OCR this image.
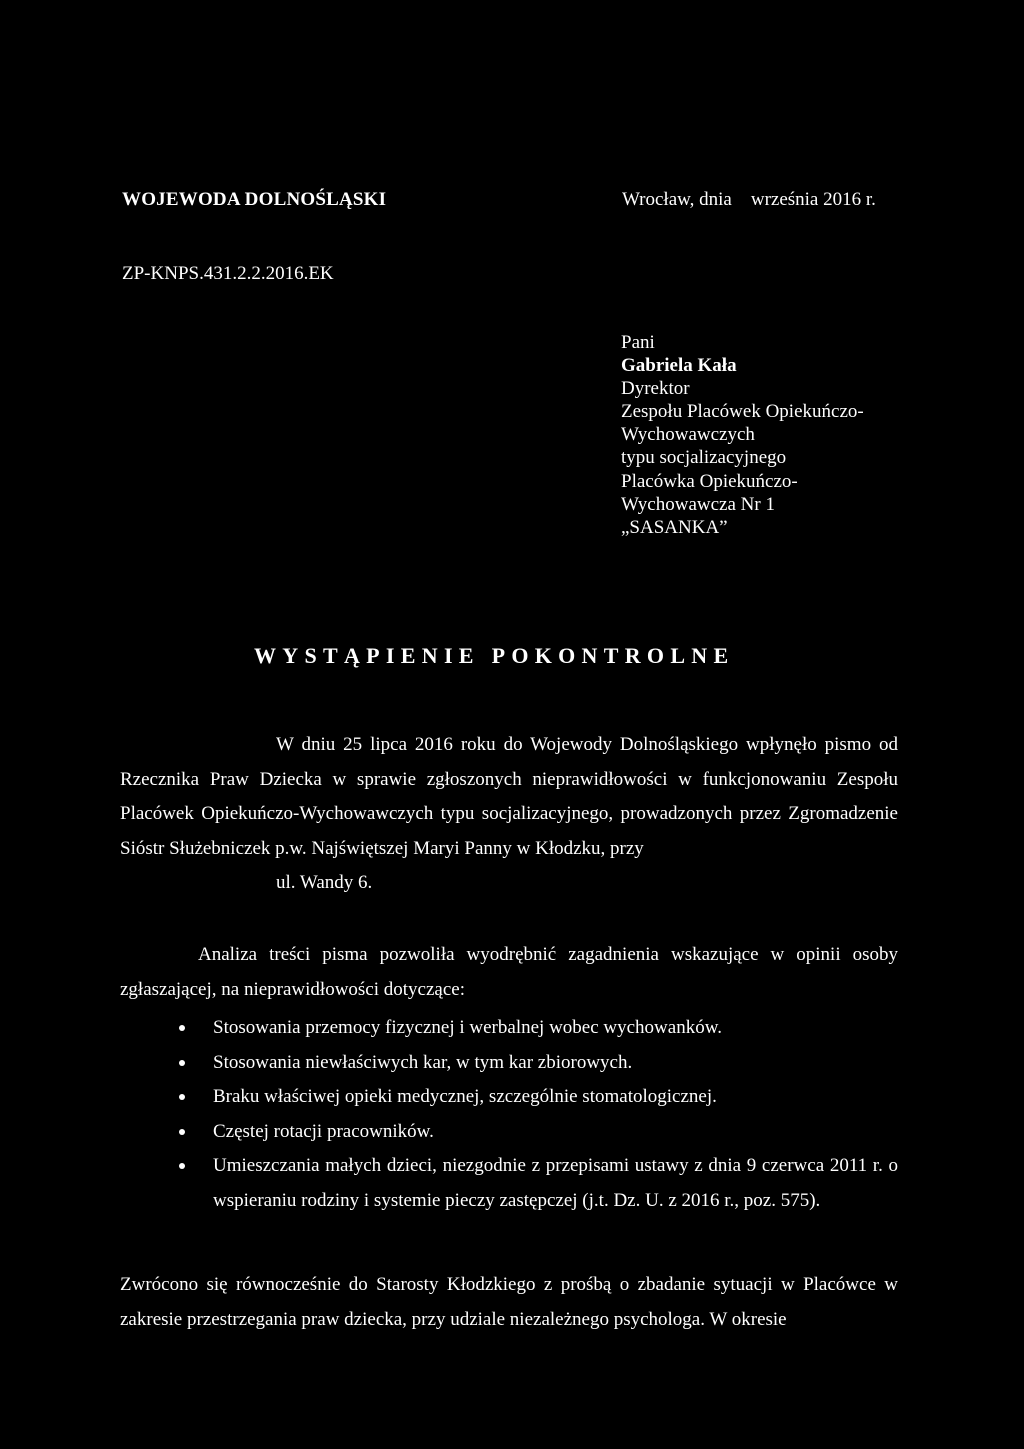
WOJEWODA DOLNOŚLĄSKI	Wrocław, dnia    września 2016 r.
ZP-KNPS.431.2.2.2016.EK
Pani
Gabriela Kała
Dyrektor
Zespołu Placówek Opiekuńczo-
Wychowawczych
typu socjalizacyjnego
Placówka Opiekuńczo-
Wychowawcza Nr 1
„SASANKA”
WYSTĄPIENIE POKONTROLNE
W dniu 25 lipca 2016 roku do Wojewody Dolnośląskiego wpłynęło pismo od Rzecznika Praw Dziecka w sprawie zgłoszonych nieprawidłowości w funkcjonowaniu Zespołu Placówek Opiekuńczo-Wychowawczych typu socjalizacyjnego, prowadzonych przez Zgromadzenie Sióstr Służebniczek p.w. Najświętszej Maryi Panny w Kłodzku, przy
ul. Wandy 6.
Analiza treści pisma pozwoliła wyodrębnić zagadnienia wskazujące w opinii osoby zgłaszającej, na nieprawidłowości dotyczące:
Stosowania przemocy fizycznej i werbalnej wobec wychowanków.
Stosowania niewłaściwych kar, w tym kar zbiorowych.
Braku właściwej opieki medycznej, szczególnie stomatologicznej.
Częstej rotacji pracowników.
Umieszczania małych dzieci, niezgodnie z przepisami ustawy z dnia 9 czerwca 2011 r. o wspieraniu rodziny i systemie pieczy zastępczej (j.t. Dz. U. z 2016 r., poz. 575).
Zwrócono się równocześnie do Starosty Kłodzkiego z prośbą o zbadanie sytuacji w Placówce w zakresie przestrzegania praw dziecka, przy udziale niezależnego psychologa. W okresie
